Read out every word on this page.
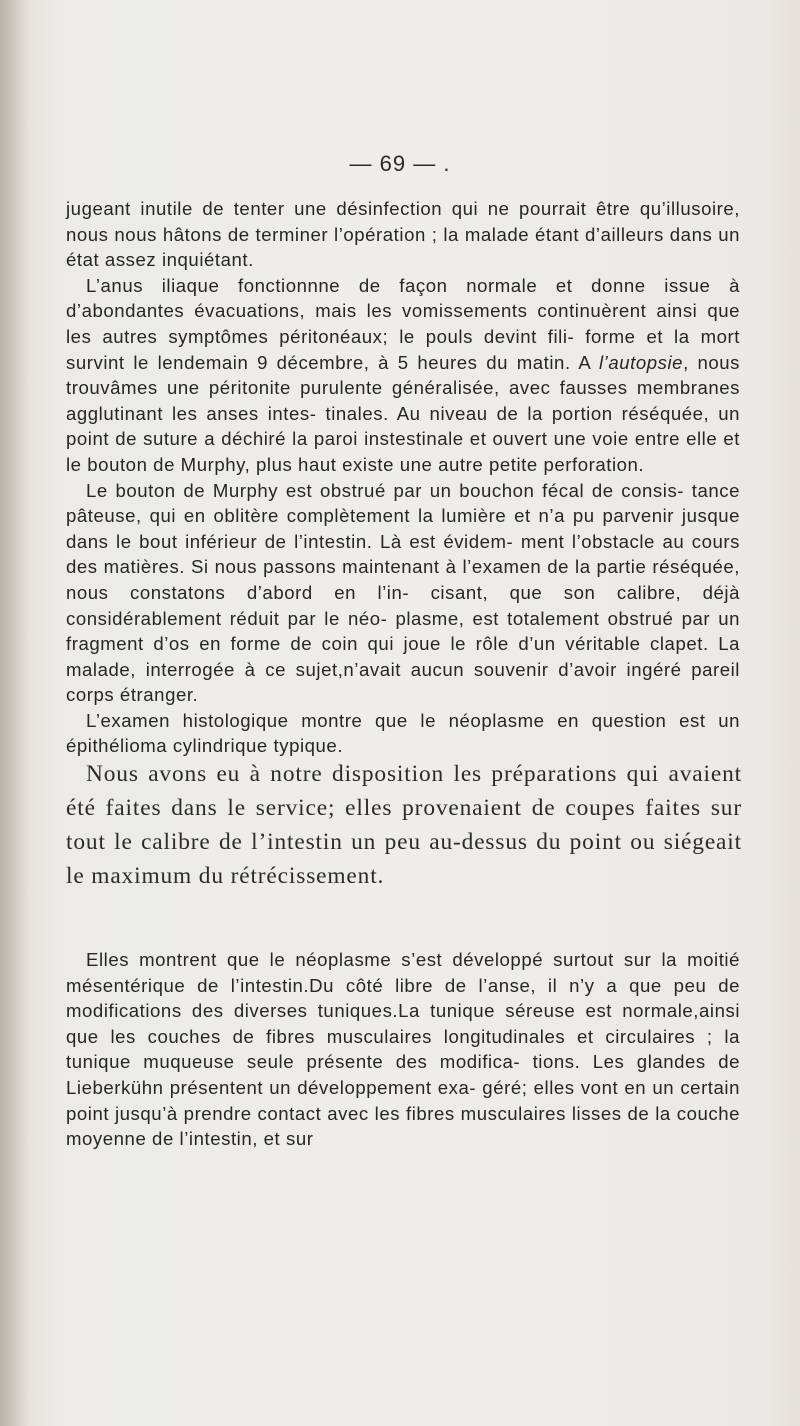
— 69 — .

jugeant inutile de tenter une désinfection qui ne pourrait être qu’illusoire, nous nous hâtons de terminer l’opération ; la malade étant d’ailleurs dans un état assez inquiétant.

L’anus iliaque fonctionnne de façon normale et donne issue à d’abondantes évacuations, mais les vomissements continuèrent ainsi que les autres symptômes péritonéaux; le pouls devint fili- forme et la mort survint le lendemain 9 décembre, à 5 heures du matin. A l’autopsie, nous trouvâmes une péritonite purulente généralisée, avec fausses membranes agglutinant les anses intes- tinales. Au niveau de la portion réséquée, un point de suture a déchiré la paroi instestinale et ouvert une voie entre elle et le bouton de Murphy, plus haut existe une autre petite perforation.

Le bouton de Murphy est obstrué par un bouchon fécal de consis- tance pâteuse, qui en oblitère complètement la lumière et n’a pu parvenir jusque dans le bout inférieur de l’intestin. Là est évidem- ment l’obstacle au cours des matières. Si nous passons maintenant à l’examen de la partie réséquée, nous constatons d’abord en l’in- cisant, que son calibre, déjà considérablement réduit par le néo- plasme, est totalement obstrué par un fragment d’os en forme de coin qui joue le rôle d’un véritable clapet. La malade, interrogée à ce sujet,n’avait aucun souvenir d’avoir ingéré pareil corps étranger.

L’examen histologique montre que le néoplasme en question est un épithélioma cylindrique typique.

Nous avons eu à notre disposition les préparations qui avaient été faites dans le service; elles provenaient de coupes faites sur tout le calibre de l’intestin un peu au-dessus du point ou siégeait le maximum du rétrécissement.

Elles montrent que le néoplasme s’est développé surtout sur la moitié mésentérique de l’intestin.Du côté libre de l’anse, il n’y a que peu de modifications des diverses tuniques.La tunique séreuse est normale,ainsi que les couches de fibres musculaires longitudinales et circulaires ; la tunique muqueuse seule présente des modifica- tions. Les glandes de Lieberkühn présentent un développement exa- géré; elles vont en un certain point jusqu’à prendre contact avec les fibres musculaires lisses de la couche moyenne de l’intestin, et sur
